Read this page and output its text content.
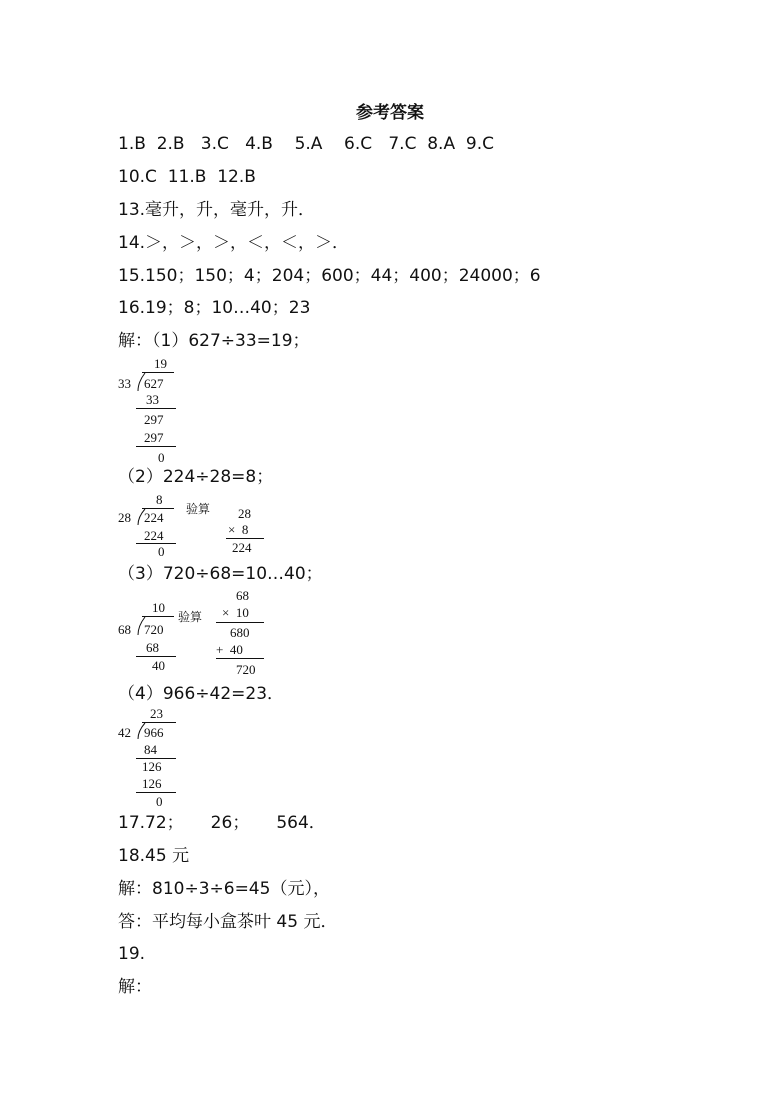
参考答案
1.B  2.B   3.C   4.B    5.A    6.C   7.C  8.A  9.C
10.C  11.B  12.B
13.毫升，升，毫升，升．
14.＞，＞，＞，＜，＜，＞．
15.150；150；4；204；600；44；400；24000；6
16.19；8；10…40；23
解：（1）627÷33=19；
19
33 627
33
297
297
0
（2）224÷28=8；
8
28 224
224
0
验算 28
×  8
224
（3）720÷68=10…40；
10
68 720
68
40
验算
68
×  10
680
+  40
720
（4）966÷42=23．
23
42 966
84
126
126
0
17.72；     26；     564．
18.45 元
解：810÷3÷6=45（元），
答：平均每小盒茶叶 45 元．
19.
解：
